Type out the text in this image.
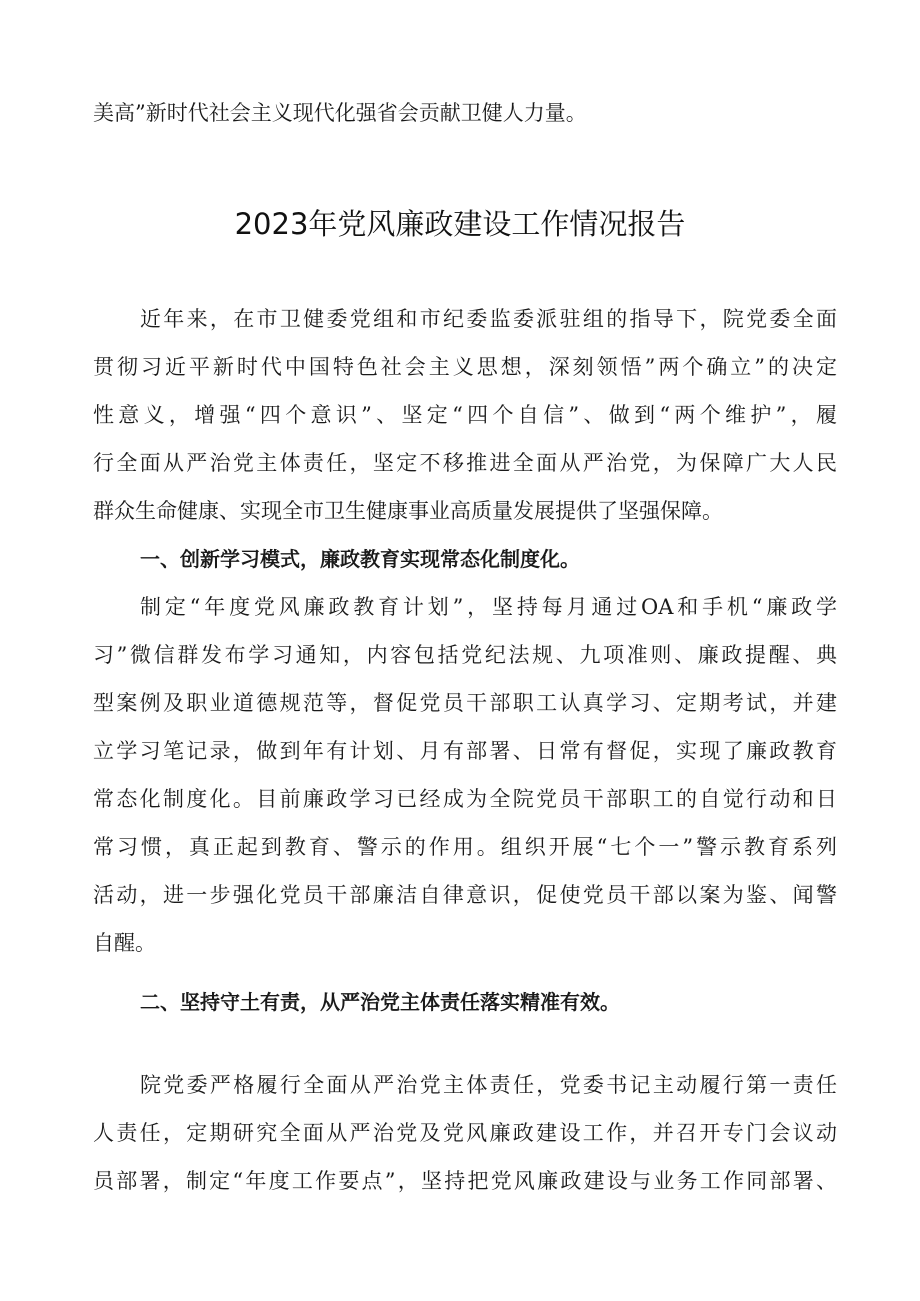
美高”新时代社会主义现代化强省会贡献卫健人力量。
2023年党风廉政建设工作情况报告
近年来，在市卫健委党组和市纪委监委派驻组的指导下，院党委全面
贯彻习近平新时代中国特色社会主义思想，深刻领悟”两个确立”的决定
性意义，增强“四个意识”、坚定“四个自信”、做到“两个维护”，履
行全面从严治党主体责任，坚定不移推进全面从严治党，为保障广大人民
群众生命健康、实现全市卫生健康事业高质量发展提供了坚强保障。
一、创新学习模式，廉政教育实现常态化制度化。
制定“年度党风廉政教育计划”，坚持每月通过OA和手机“廉政学
习”微信群发布学习通知，内容包括党纪法规、九项准则、廉政提醒、典
型案例及职业道德规范等，督促党员干部职工认真学习、定期考试，并建
立学习笔记录，做到年有计划、月有部署、日常有督促，实现了廉政教育
常态化制度化。目前廉政学习已经成为全院党员干部职工的自觉行动和日
常习惯，真正起到教育、警示的作用。组织开展“七个一”警示教育系列
活动，进一步强化党员干部廉洁自律意识，促使党员干部以案为鉴、闻警
自醒。
二、坚持守土有责，从严治党主体责任落实精准有效。
院党委严格履行全面从严治党主体责任，党委书记主动履行第一责任
人责任，定期研究全面从严治党及党风廉政建设工作，并召开专门会议动
员部署，制定“年度工作要点”，坚持把党风廉政建设与业务工作同部署、
